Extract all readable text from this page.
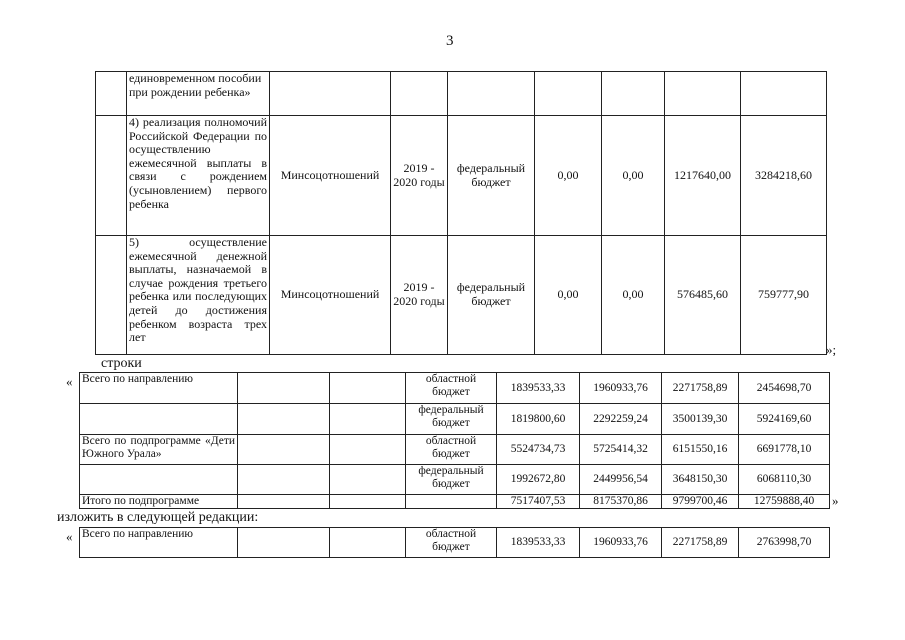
3
	единовременном пособии при рождении ребенка»							
	4) реализация полномочий Российской Федерации по осуществлению ежемесячной выплаты в связи с рождением (усыновлением) первого ребенка	Минсоцотношений	2019 - 2020 годы	федеральный бюджет	0,00	0,00	1217640,00	3284218,60
	5) осуществление ежемесячной денежной выплаты, назначаемой в случае рождения третьего ребенка или последующих детей до достижения ребенком возраста трех лет	Минсоцотношений	2019 - 2020 годы	федеральный бюджет	0,00	0,00	576485,60	759777,90
»;
строки
« Всего по направлению			областной бюджет	1839533,33	1960933,76	2271758,89	2454698,70
			федеральный бюджет	1819800,60	2292259,24	3500139,30	5924169,60
Всего по подпрограмме «Дети Южного Урала»			областной бюджет	5524734,73	5725414,32	6151550,16	6691778,10
			федеральный бюджет	1992672,80	2449956,54	3648150,30	6068110,30
Итого по подпрограмме				7517407,53	8175370,86	9799700,46	12759888,40 »
изложить в следующей редакции:
« Всего по направлению			областной бюджет	1839533,33	1960933,76	2271758,89	2763998,70
